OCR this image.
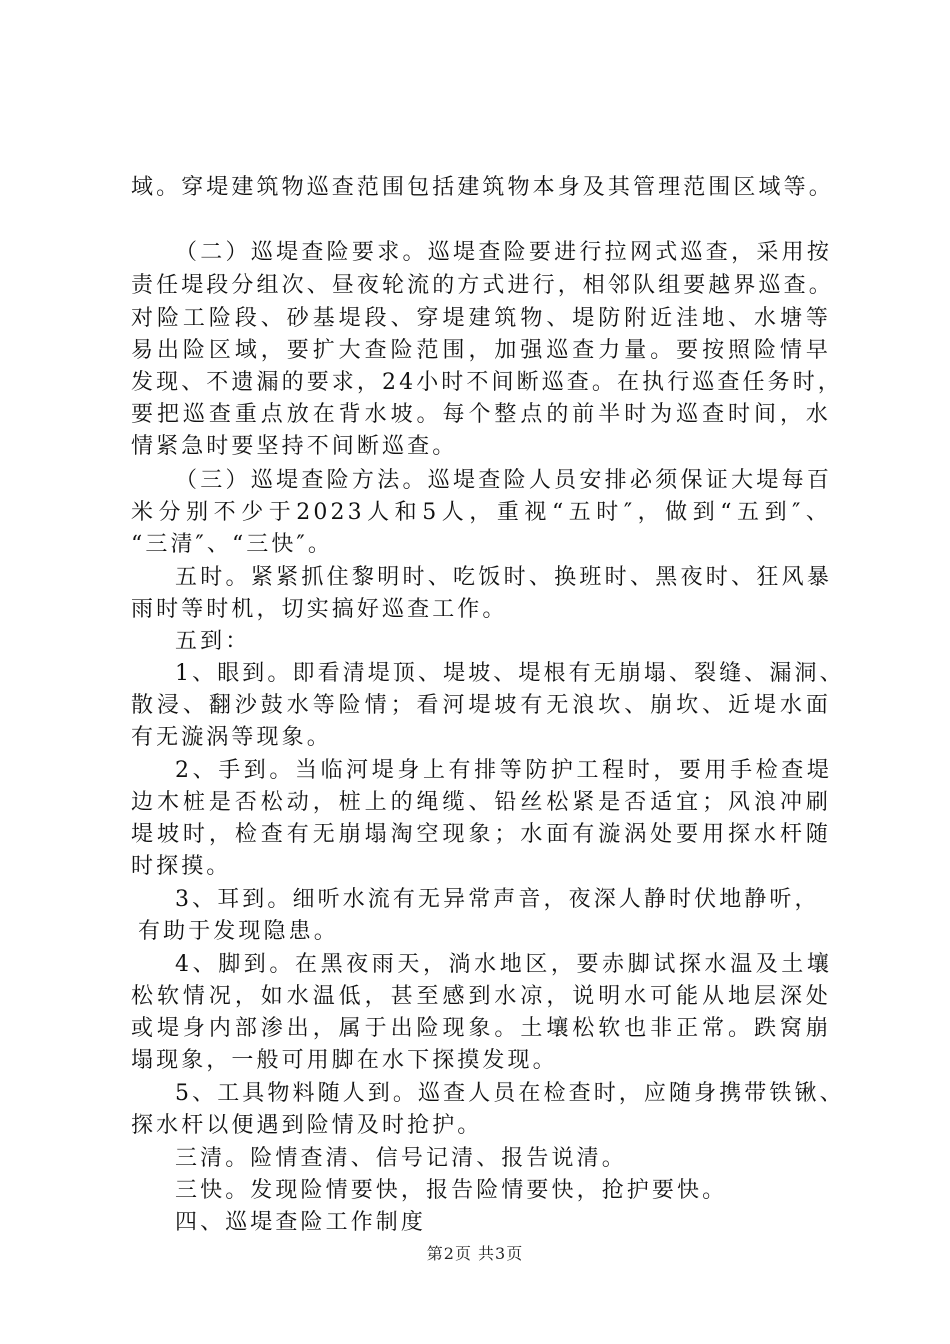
域。穿堤建筑物巡查范围包括建筑物本身及其管理范围区域等。
（二）巡堤查险要求。巡堤查险要进行拉网式巡查，采用按
责任堤段分组次、昼夜轮流的方式进行，相邻队组要越界巡查。
对险工险段、砂基堤段、穿堤建筑物、堤防附近洼地、水塘等
易出险区域，要扩大查险范围，加强巡查力量。要按照险情早
发现、不遗漏的要求，24小时不间断巡查。在执行巡查任务时，
要把巡查重点放在背水坡。每个整点的前半时为巡查时间，水
情紧急时要坚持不间断巡查。
（三）巡堤查险方法。巡堤查险人员安排必须保证大堤每百
米分别不少于2023人和5人，重视“五时″，做到“五到″、
“三清″、“三快″。
五时。紧紧抓住黎明时、吃饭时、换班时、黑夜时、狂风暴
雨时等时机，切实搞好巡查工作。
五到：
1、眼到。即看清堤顶、堤坡、堤根有无崩塌、裂缝、漏洞、
散浸、翻沙鼓水等险情；看河堤坡有无浪坎、崩坎、近堤水面
有无漩涡等现象。
2、手到。当临河堤身上有排等防护工程时，要用手检查堤
边木桩是否松动，桩上的绳缆、铅丝松紧是否适宜；风浪冲刷
堤坡时，检查有无崩塌淘空现象；水面有漩涡处要用探水杆随
时探摸。
3、耳到。细听水流有无异常声音，夜深人静时伏地静听，
有助于发现隐患。
4、脚到。在黑夜雨天，淌水地区，要赤脚试探水温及土壤
松软情况，如水温低，甚至感到水凉，说明水可能从地层深处
或堤身内部渗出，属于出险现象。土壤松软也非正常。跌窝崩
塌现象，一般可用脚在水下探摸发现。
5、工具物料随人到。巡查人员在检查时，应随身携带铁锹、
探水杆以便遇到险情及时抢护。
三清。险情查清、信号记清、报告说清。
三快。发现险情要快，报告险情要快，抢护要快。
四、巡堤查险工作制度
第2页 共3页
